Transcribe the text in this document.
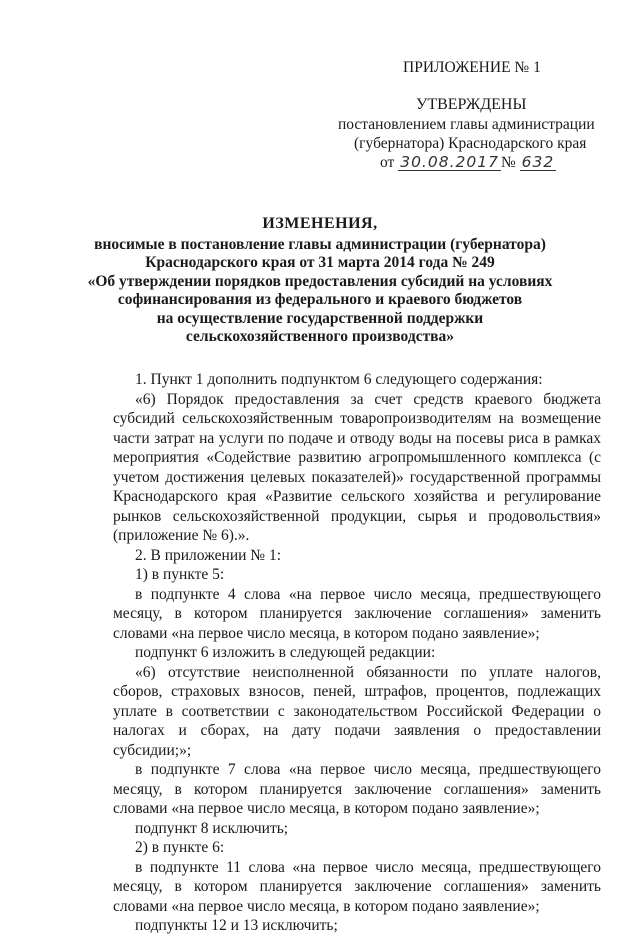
ПРИЛОЖЕНИЕ № 1
УТВЕРЖДЕНЫ
постановлением главы администрации
(губернатора) Краснодарского края
от 30.08.2017 № 632
ИЗМЕНЕНИЯ,
вносимые в постановление главы администрации (губернатора)
Краснодарского края от 31 марта 2014 года № 249
«Об утверждении порядков предоставления субсидий на условиях
софинансирования из федерального и краевого бюджетов
на осуществление государственной поддержки
сельскохозяйственного производства»

1. Пункт 1 дополнить подпунктом 6 следующего содержания:

«6) Порядок предоставления за счет средств краевого бюджета субсидий сельскохозяйственным товаропроизводителям на возмещение части затрат на услуги по подаче и отводу воды на посевы риса в рамках мероприятия «Содействие развитию агропромышленного комплекса (с учетом достижения целевых показателей)» государственной программы Краснодарского края «Развитие сельского хозяйства и регулирование рынков сельскохозяйственной продукции, сырья и продовольствия» (приложение № 6).».

2. В приложении № 1:

1) в пункте 5:

в подпункте 4 слова «на первое число месяца, предшествующего месяцу, в котором планируется заключение соглашения» заменить словами «на первое число месяца, в котором подано заявление»;

подпункт 6 изложить в следующей редакции:

«6) отсутствие неисполненной обязанности по уплате налогов, сборов, страховых взносов, пеней, штрафов, процентов, подлежащих уплате в соответствии с законодательством Российской Федерации о налогах и сборах, на дату подачи заявления о предоставлении субсидии;»;

в подпункте 7 слова «на первое число месяца, предшествующего месяцу, в котором планируется заключение соглашения» заменить словами «на первое число месяца, в котором подано заявление»;

подпункт 8 исключить;

2) в пункте 6:

в подпункте 11 слова «на первое число месяца, предшествующего месяцу, в котором планируется заключение соглашения» заменить словами «на первое число месяца, в котором подано заявление»;

подпункты 12 и 13 исключить;
